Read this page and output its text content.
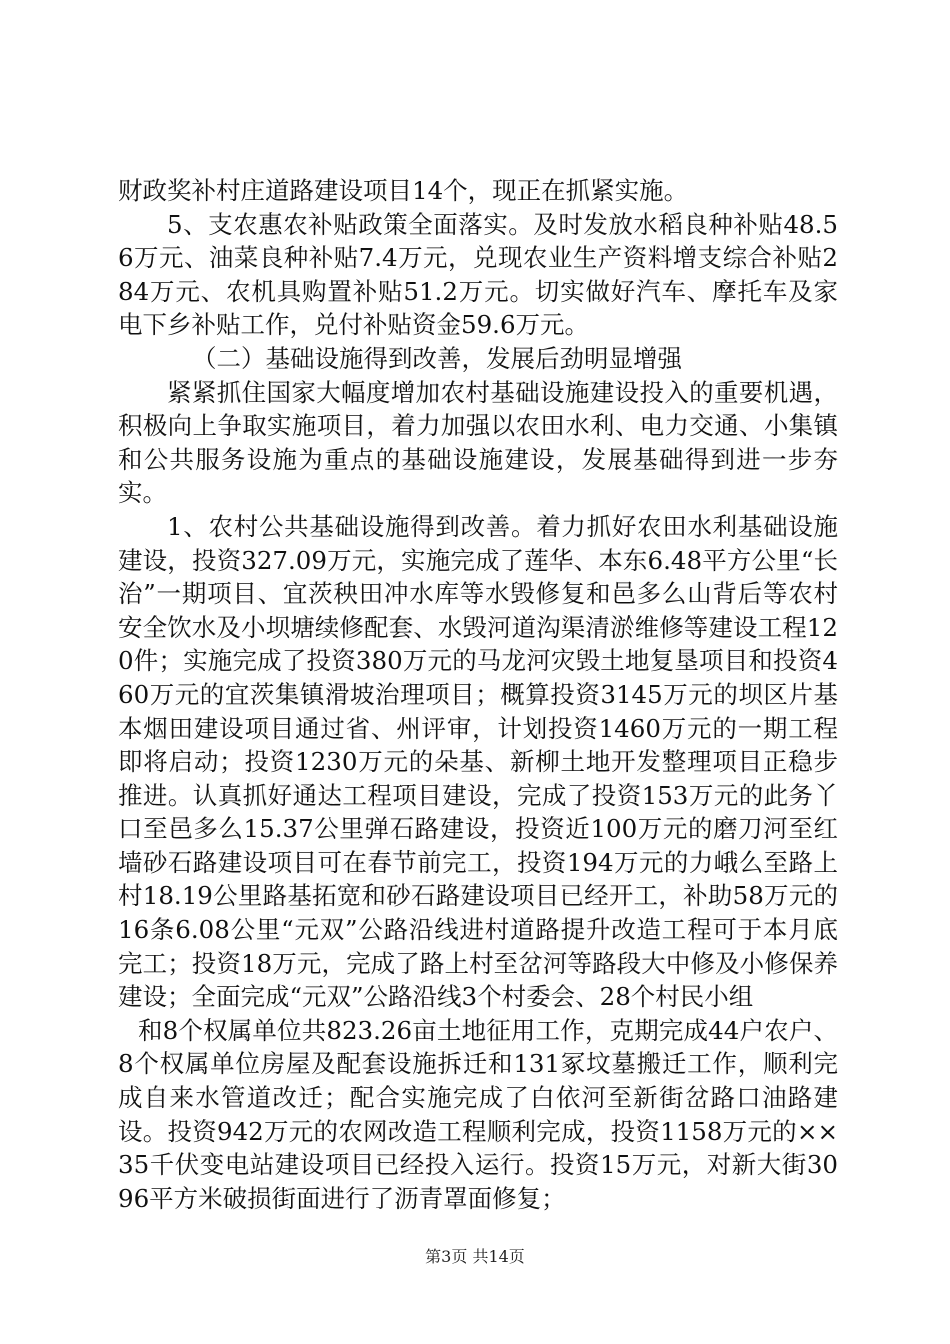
财政奖补村庄道路建设项目14个，现正在抓紧实施。

5、支农惠农补贴政策全面落实。及时发放水稻良种补贴48.56万元、油菜良种补贴7.4万元，兑现农业生产资料增支综合补贴284万元、农机具购置补贴51.2万元。切实做好汽车、摩托车及家电下乡补贴工作，兑付补贴资金59.6万元。

（二）基础设施得到改善，发展后劲明显增强

紧紧抓住国家大幅度增加农村基础设施建设投入的重要机遇，积极向上争取实施项目，着力加强以农田水利、电力交通、小集镇和公共服务设施为重点的基础设施建设，发展基础得到进一步夯实。

1、农村公共基础设施得到改善。着力抓好农田水利基础设施建设，投资327.09万元，实施完成了莲华、本东6.48平方公里“长治”一期项目、宜茨秧田冲水库等水毁修复和邑多么山背后等农村安全饮水及小坝塘续修配套、水毁河道沟渠清淤维修等建设工程120件；实施完成了投资380万元的马龙河灾毁土地复垦项目和投资460万元的宜茨集镇滑坡治理项目；概算投资3145万元的坝区片基本烟田建设项目通过省、州评审，计划投资1460万元的一期工程即将启动；投资1230万元的朵基、新柳土地开发整理项目正稳步推进。认真抓好通达工程项目建设，完成了投资153万元的此务丫口至邑多么15.37公里弹石路建设，投资近100万元的磨刀河至红墙砂石路建设项目可在春节前完工，投资194万元的力峨么至路上村18.19公里路基拓宽和砂石路建设项目已经开工，补助58万元的16条6.08公里“元双”公路沿线进村道路提升改造工程可于本月底完工；投资18万元，完成了路上村至岔河等路段大中修及小修保养建设；全面完成“元双”公路沿线3个村委会、28个村民小组

和8个权属单位共823.26亩土地征用工作，克期完成44户农户、8个权属单位房屋及配套设施拆迁和131冢坟墓搬迁工作，顺利完成自来水管道改迁；配合实施完成了白依河至新街岔路口油路建设。投资942万元的农网改造工程顺利完成，投资1158万元的××35千伏变电站建设项目已经投入运行。投资15万元，对新大街3096平方米破损街面进行了沥青罩面修复；

第3页 共14页
